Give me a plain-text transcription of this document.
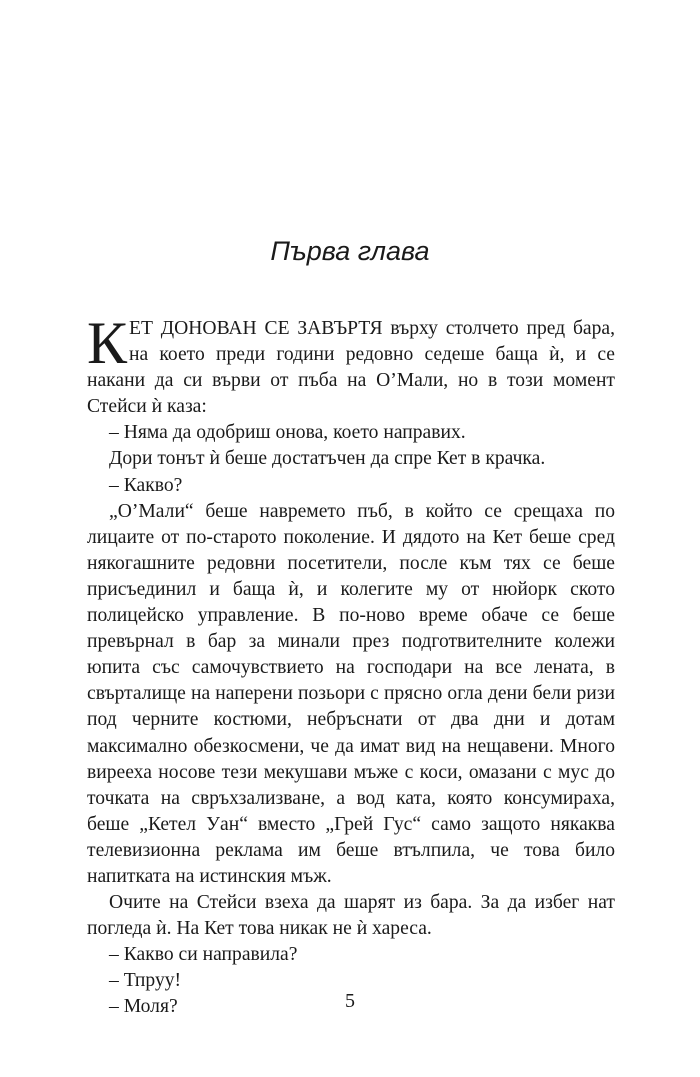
Първа глава

К ЕТ ДОНОВАН СЕ ЗАВЪРТЯ върху столчето пред бара, на което преди години редовно седеше баща ѝ, и се накани да си върви от пъба на О’Мали, но в този момент Стейси ѝ каза:

– Няма да одобриш онова, което направих.

Дори тонът ѝ беше достатъчен да спре Кет в крачка.

– Какво?

„О’Мали“ беше навремето пъб, в който се срещаха по лицаите от по-старото поколение. И дядото на Кет беше сред някогашните редовни посетители, после към тях се беше присъединил и баща ѝ, и колегите му от нюйорк ското полицейско управление. В по-ново време обаче се беше превърнал в бар за минали през подготвителните колежи юпита със самочувствието на господари на все лената, в свърталище на наперени позьори с прясно огла дени бели ризи под черните костюми, небръснати от два дни и дотам максимално обезкосмени, че да имат вид на нещавени. Много вирееха носове тези мекушави мъже с коси, омазани с мус до точката на свръхзализване, а вод ката, която консумираха, беше „Кетел Уан“ вместо „Грей Гус“ само защото някаква телевизионна реклама им беше втълпила, че това било напитката на истинския мъж.

Очите на Стейси взеха да шарят из бара. За да избег нат погледа ѝ. На Кет това никак не ѝ хареса.

– Какво си направила?

– Тпруу!

– Моля?	5
